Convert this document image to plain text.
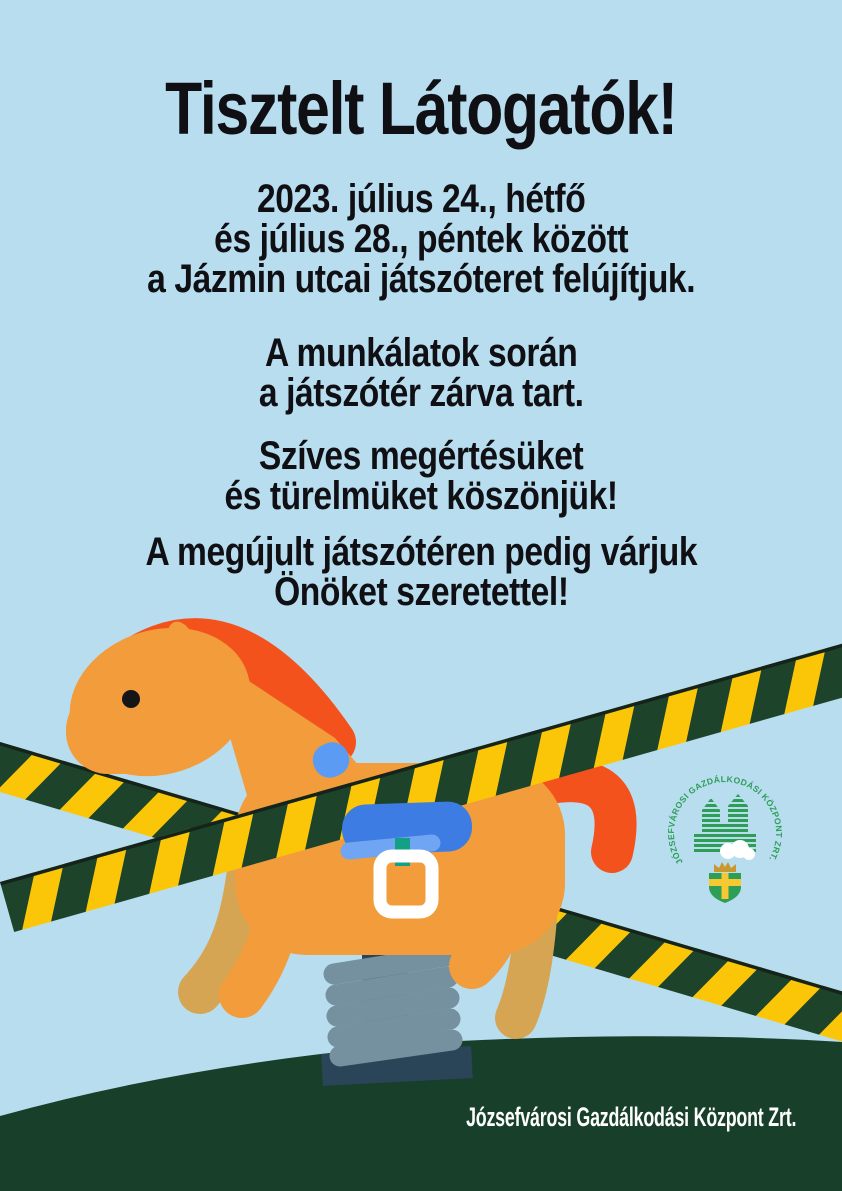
JÓZSEFVÁROSI GAZDÁLKODÁSI KÖZPONT ZRT.
Tisztelt Látogatók!
2023. július 24., hétfő
és július 28., péntek között
a Jázmin utcai játszóteret felújítjuk.
A munkálatok során
a játszótér zárva tart.
Szíves megértésüket
és türelmüket köszönjük!
A megújult játszótéren pedig várjuk
Önöket szeretettel!
Józsefvárosi Gazdálkodási Központ Zrt.
